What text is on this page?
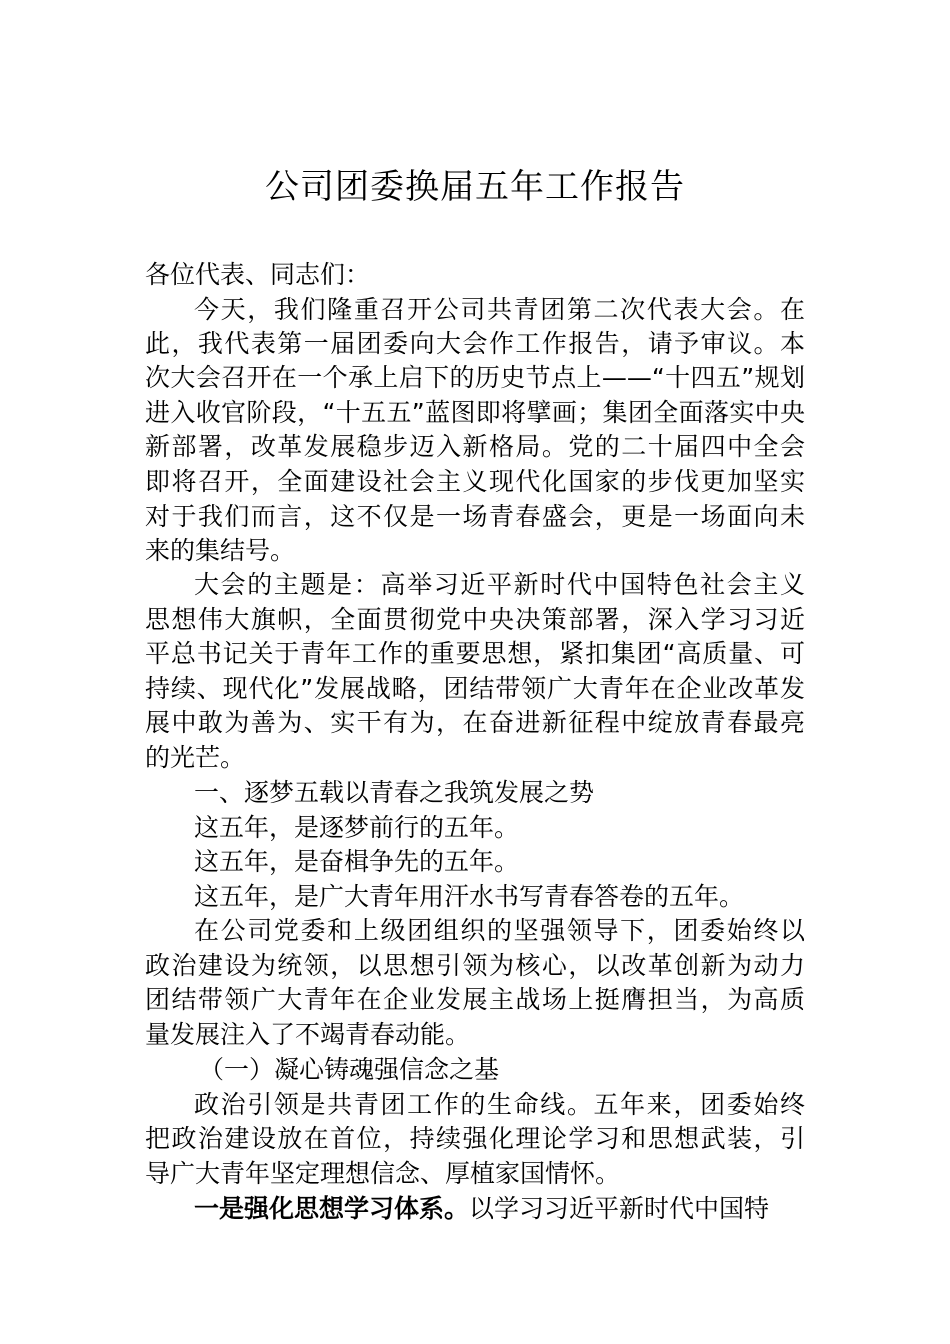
公司团委换届五年工作报告
各位代表、同志们：
今天，我们隆重召开公司共青团第二次代表大会。在
此，我代表第一届团委向大会作工作报告，请予审议。本
次大会召开在一个承上启下的历史节点上——“十四五”规划
进入收官阶段，“十五五”蓝图即将擘画；集团全面落实中央
新部署，改革发展稳步迈入新格局。党的二十届四中全会
即将召开，全面建设社会主义现代化国家的步伐更加坚实
对于我们而言，这不仅是一场青春盛会，更是一场面向未
来的集结号。
大会的主题是：高举习近平新时代中国特色社会主义
思想伟大旗帜，全面贯彻党中央决策部署，深入学习习近
平总书记关于青年工作的重要思想，紧扣集团“高质量、可
持续、现代化”发展战略，团结带领广大青年在企业改革发
展中敢为善为、实干有为，在奋进新征程中绽放青春最亮
的光芒。
一、逐梦五载以青春之我筑发展之势
这五年，是逐梦前行的五年。
这五年，是奋楫争先的五年。
这五年，是广大青年用汗水书写青春答卷的五年。
在公司党委和上级团组织的坚强领导下，团委始终以
政治建设为统领，以思想引领为核心，以改革创新为动力
团结带领广大青年在企业发展主战场上挺膺担当，为高质
量发展注入了不竭青春动能。
（一）凝心铸魂强信念之基
政治引领是共青团工作的生命线。五年来，团委始终
把政治建设放在首位，持续强化理论学习和思想武装，引
导广大青年坚定理想信念、厚植家国情怀。
一是强化思想学习体系。以学习习近平新时代中国特
